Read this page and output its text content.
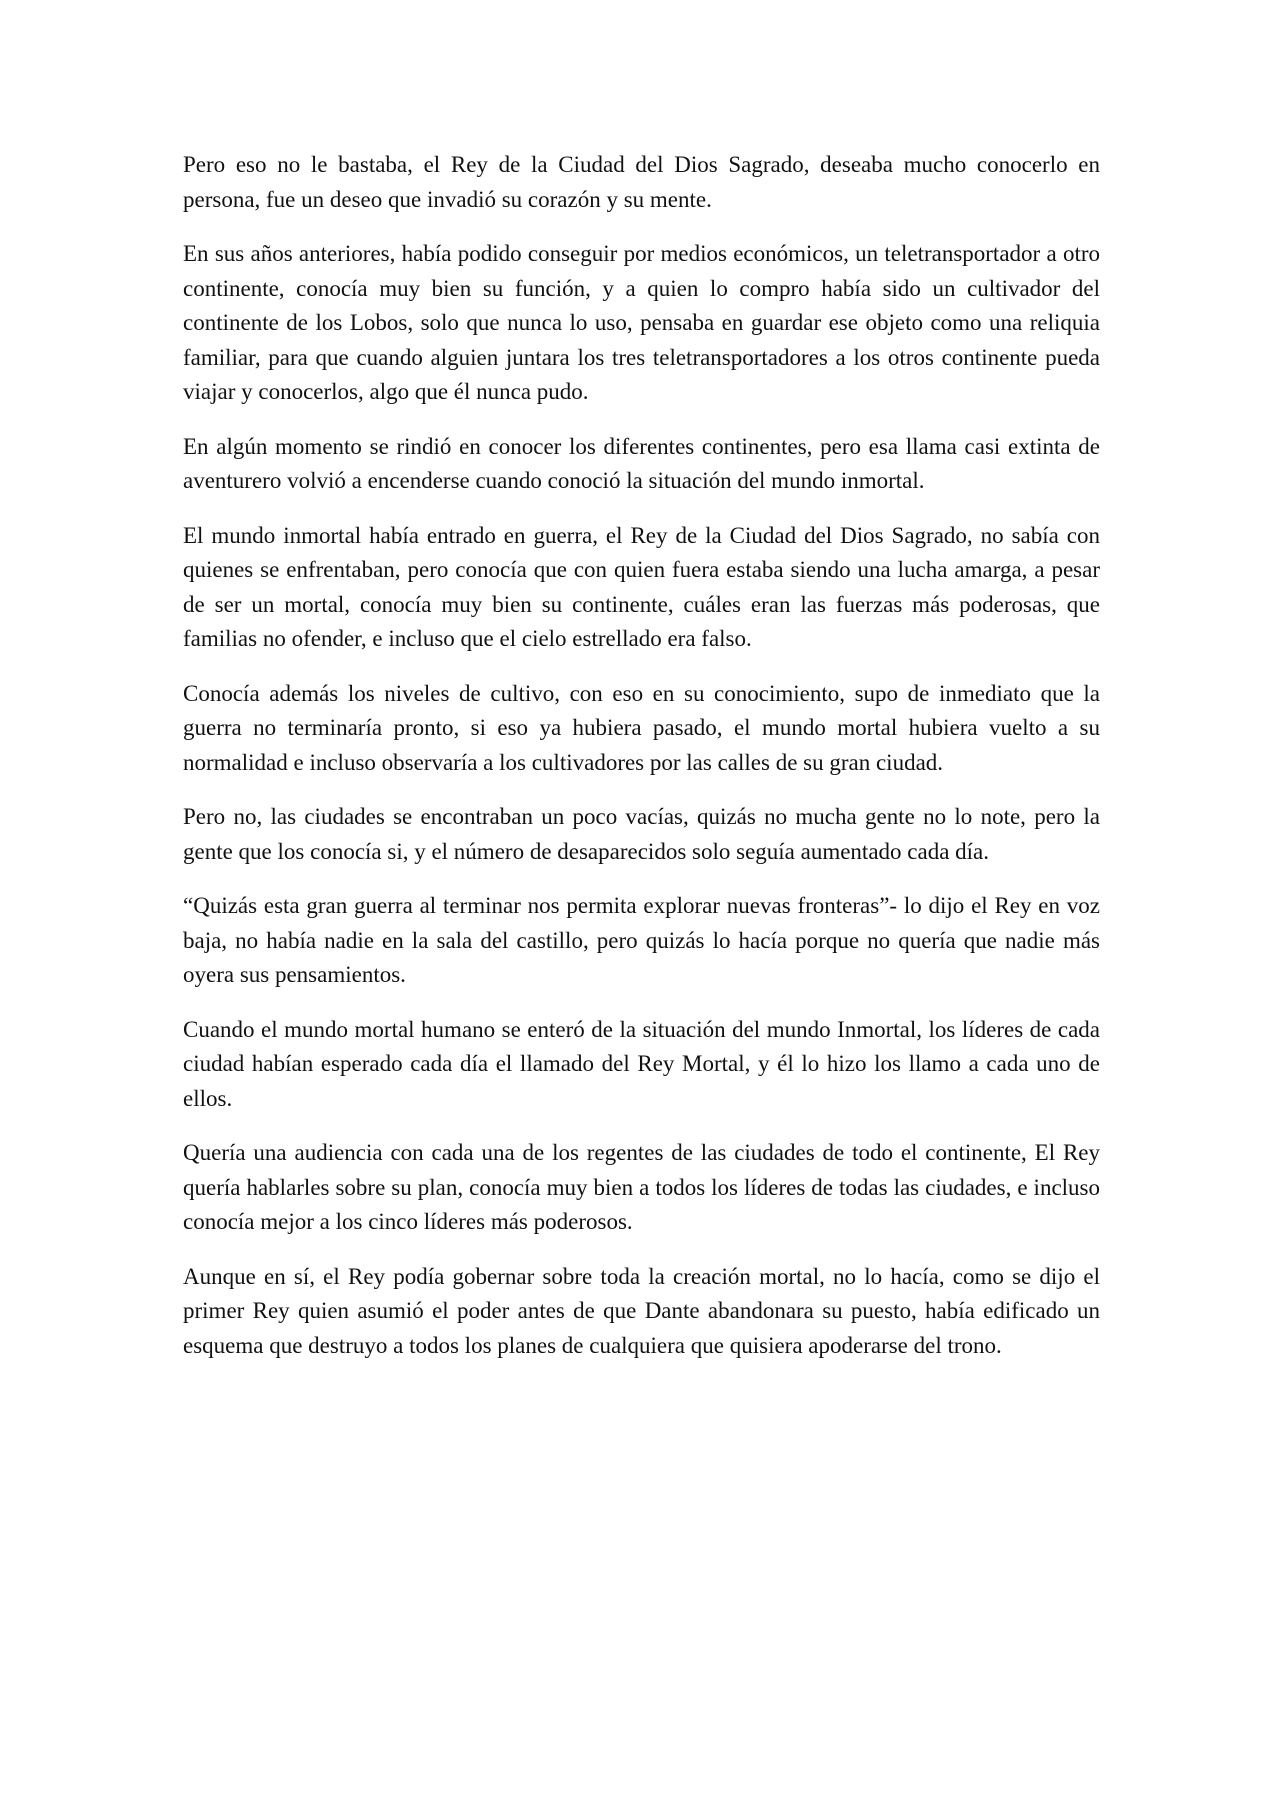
Pero eso no le bastaba, el Rey de la Ciudad del Dios Sagrado, deseaba mucho conocerlo en persona, fue un deseo que invadió su corazón y su mente.

En sus años anteriores, había podido conseguir por medios económicos, un teletransportador a otro continente, conocía muy bien su función, y a quien lo compro había sido un cultivador del continente de los Lobos, solo que nunca lo uso, pensaba en guardar ese objeto como una reliquia familiar, para que cuando alguien juntara los tres teletransportadores a los otros continente pueda viajar y conocerlos, algo que él nunca pudo.

En algún momento se rindió en conocer los diferentes continentes, pero esa llama casi extinta de aventurero volvió a encenderse cuando conoció la situación del mundo inmortal.

El mundo inmortal había entrado en guerra, el Rey de la Ciudad del Dios Sagrado, no sabía con quienes se enfrentaban, pero conocía que con quien fuera estaba siendo una lucha amarga, a pesar de ser un mortal, conocía muy bien su continente, cuáles eran las fuerzas más poderosas, que familias no ofender, e incluso que el cielo estrellado era falso.

Conocía además los niveles de cultivo, con eso en su conocimiento, supo de inmediato que la guerra no terminaría pronto, si eso ya hubiera pasado, el mundo mortal hubiera vuelto a su normalidad e incluso observaría a los cultivadores por las calles de su gran ciudad.

Pero no, las ciudades se encontraban un poco vacías, quizás no mucha gente no lo note, pero la gente que los conocía si, y el número de desaparecidos solo seguía aumentado cada día.

“Quizás esta gran guerra al terminar nos permita explorar nuevas fronteras”- lo dijo el Rey en voz baja, no había nadie en la sala del castillo, pero quizás lo hacía porque no quería que nadie más oyera sus pensamientos.

Cuando el mundo mortal humano se enteró de la situación del mundo Inmortal, los líderes de cada ciudad habían esperado cada día el llamado del Rey Mortal, y él lo hizo los llamo a cada uno de ellos.

Quería una audiencia con cada una de los regentes de las ciudades de todo el continente, El Rey quería hablarles sobre su plan, conocía muy bien a todos los líderes de todas las ciudades, e incluso conocía mejor a los cinco líderes más poderosos.

Aunque en sí, el Rey podía gobernar sobre toda la creación mortal, no lo hacía, como se dijo el primer Rey quien asumió el poder antes de que Dante abandonara su puesto, había edificado un esquema que destruyo a todos los planes de cualquiera que quisiera apoderarse del trono.
